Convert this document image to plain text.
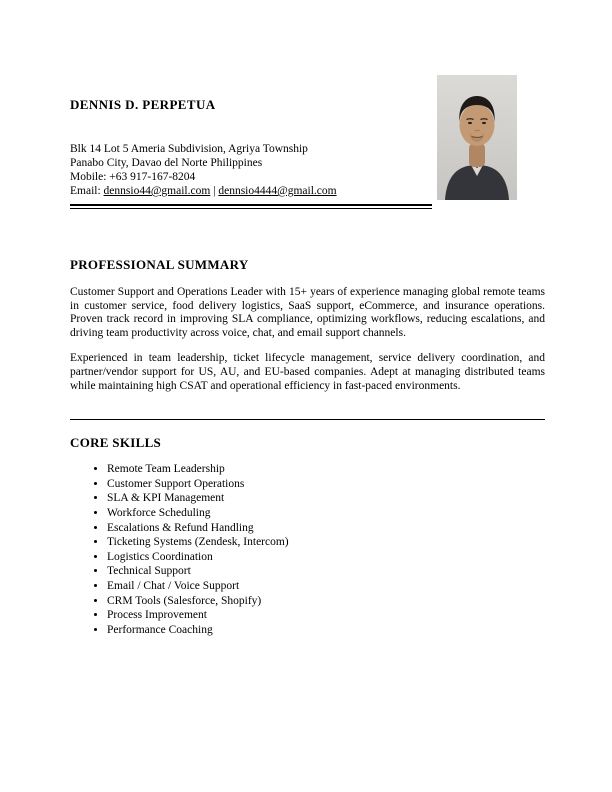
DENNIS D. PERPETUA
Blk 14 Lot 5 Ameria Subdivision, Agriya Township
Panabo City, Davao del Norte Philippines
Mobile: +63 917-167-8204
Email: dennsio44@gmail.com | dennsio4444@gmail.com
PROFESSIONAL SUMMARY

Customer Support and Operations Leader with 15+ years of experience managing global remote teams in customer service, food delivery logistics, SaaS support, eCommerce, and insurance operations. Proven track record in improving SLA compliance, optimizing workflows, reducing escalations, and driving team productivity across voice, chat, and email support channels.

Experienced in team leadership, ticket lifecycle management, service delivery coordination, and partner/vendor support for US, AU, and EU-based companies. Adept at managing distributed teams while maintaining high CSAT and operational efficiency in fast-paced environments.

CORE SKILLS
• Remote Team Leadership
• Customer Support Operations
• SLA & KPI Management
• Workforce Scheduling
• Escalations & Refund Handling
• Ticketing Systems (Zendesk, Intercom)
• Logistics Coordination
• Technical Support
• Email / Chat / Voice Support
• CRM Tools (Salesforce, Shopify)
• Process Improvement
• Performance Coaching
